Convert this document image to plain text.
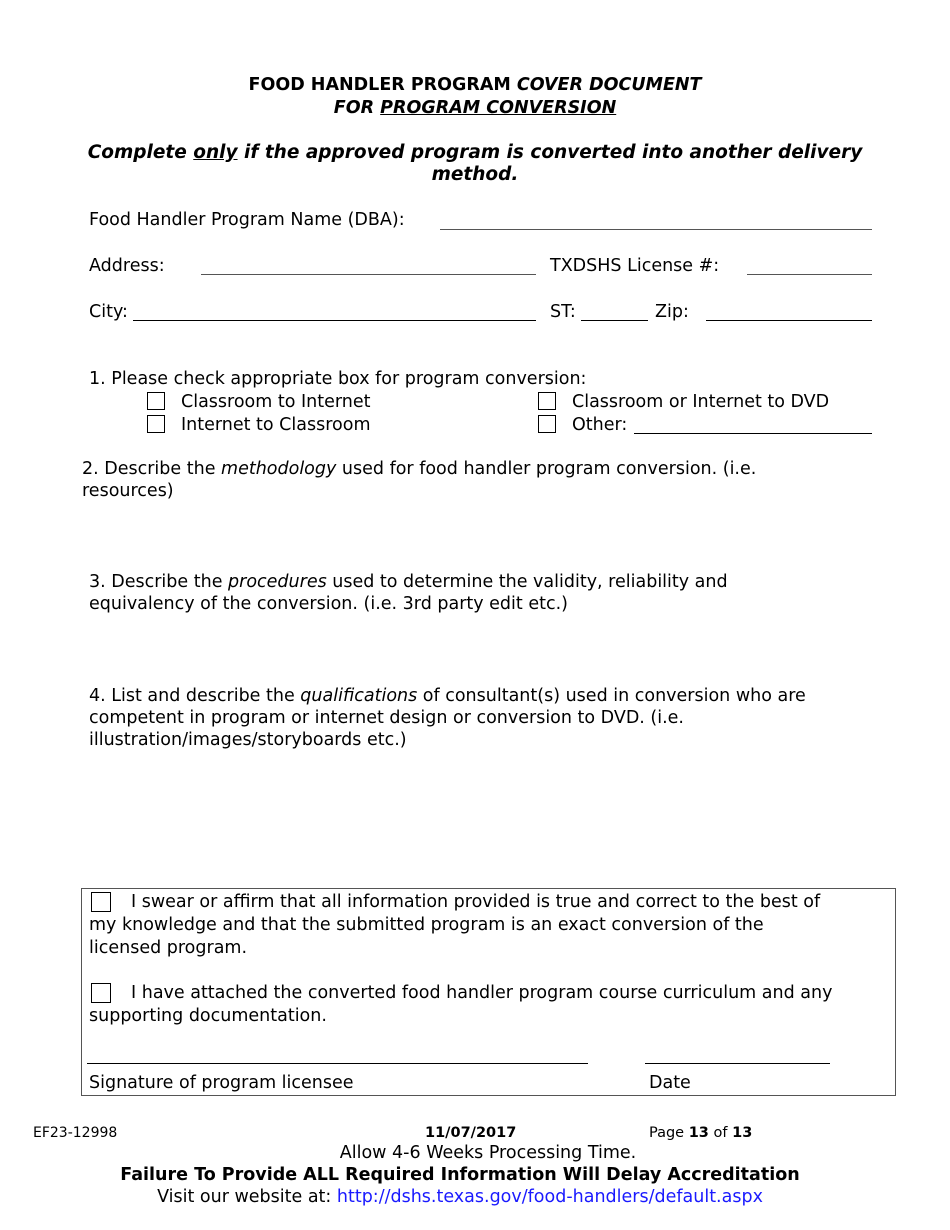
FOOD HANDLER PROGRAM COVER DOCUMENT
FOR PROGRAM CONVERSION
Complete only if the approved program is converted into another delivery
method.
Food Handler Program Name (DBA):
Address:	TXDSHS License #:
City:	ST:	Zip:
1. Please check appropriate box for program conversion:
Classroom to Internet
Internet to Classroom
Classroom or Internet to DVD
Other:
2. Describe the methodology used for food handler program conversion. (i.e.
resources)
3. Describe the procedures used to determine the validity, reliability and
equivalency of the conversion. (i.e. 3rd party edit etc.)
4. List and describe the qualifications of consultant(s) used in conversion who are
competent in program or internet design or conversion to DVD. (i.e.
illustration/images/storyboards etc.)
I swear or affirm that all information provided is true and correct to the best of
my knowledge and that the submitted program is an exact conversion of the
licensed program.
I have attached the converted food handler program course curriculum and any
supporting documentation.
Signature of program licensee	Date
EF23-12998	11/07/2017	Page 13 of 13
Allow 4-6 Weeks Processing Time.
Failure To Provide ALL Required Information Will Delay Accreditation
Visit our website at: http://dshs.texas.gov/food-handlers/default.aspx
